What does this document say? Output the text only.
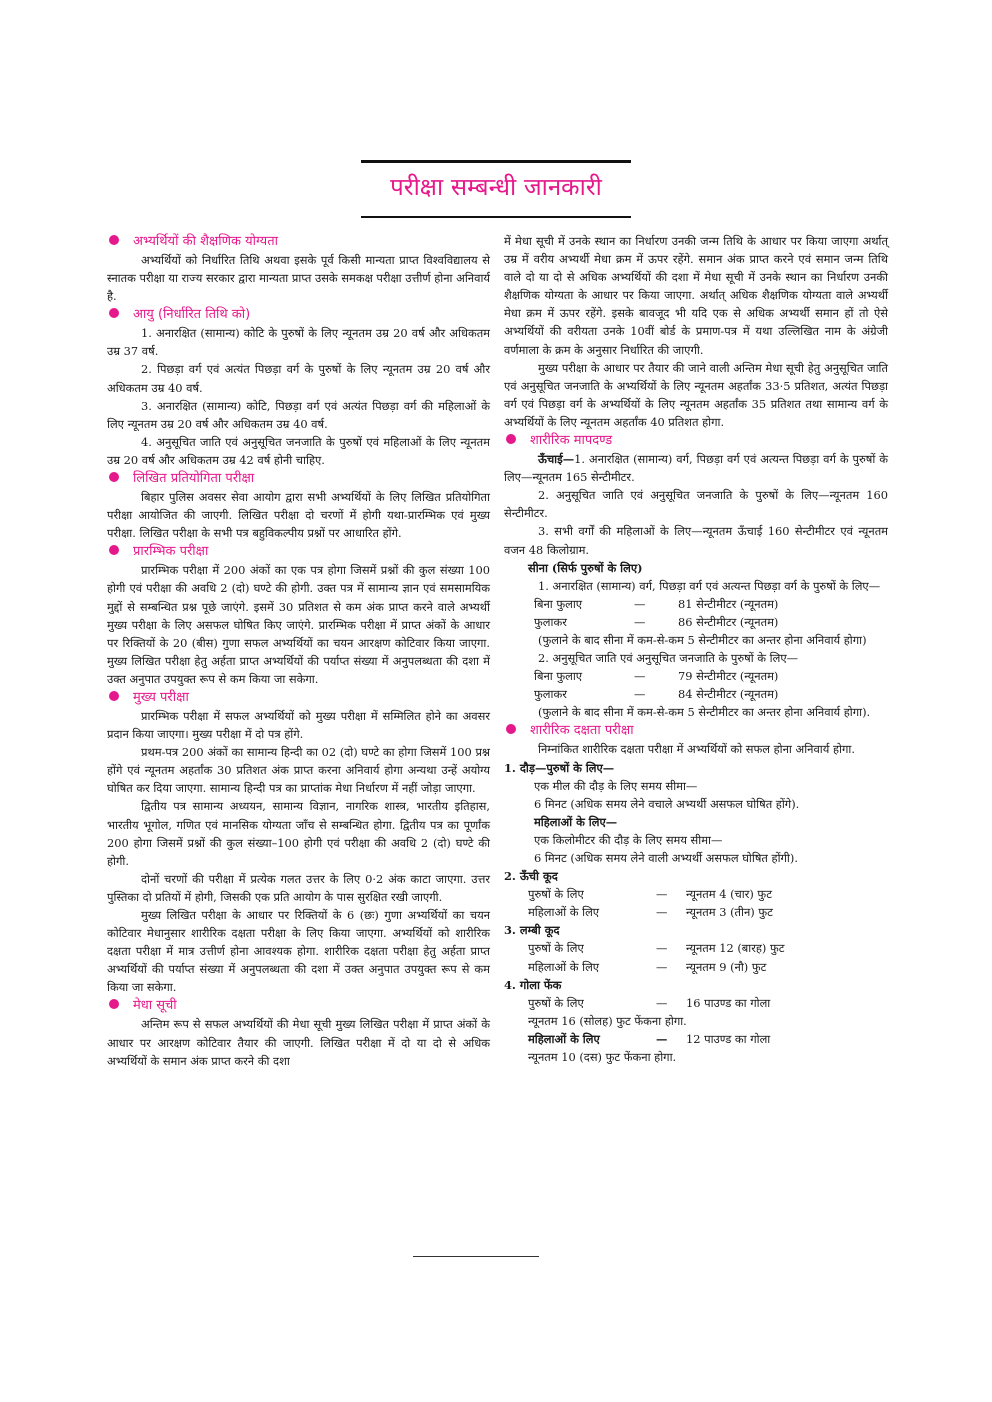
परीक्षा सम्बन्धी जानकारी

अभ्यर्थियों की शैक्षणिक योग्यता

अभ्यर्थियों को निर्धारित तिथि अथवा इसके पूर्व किसी मान्यता प्राप्त विश्वविद्यालय से स्नातक परीक्षा या राज्य सरकार द्वारा मान्यता प्राप्त उसके समकक्ष परीक्षा उत्तीर्ण होना अनिवार्य है.

आयु (निर्धारित तिथि को)

1. अनारक्षित (सामान्य) कोटि के पुरुषों के लिए न्यूनतम उम्र 20 वर्ष और अधिकतम उम्र 37 वर्ष.

2. पिछड़ा वर्ग एवं अत्यंत पिछड़ा वर्ग के पुरुषों के लिए न्यूनतम उम्र 20 वर्ष और अधिकतम उम्र 40 वर्ष.

3. अनारक्षित (सामान्य) कोटि, पिछड़ा वर्ग एवं अत्यंत पिछड़ा वर्ग की महिलाओं के लिए न्यूनतम उम्र 20 वर्ष और अधिकतम उम्र 40 वर्ष.

4. अनुसूचित जाति एवं अनुसूचित जनजाति के पुरुषों एवं महिलाओं के लिए न्यूनतम उम्र 20 वर्ष और अधिकतम उम्र 42 वर्ष होनी चाहिए.

लिखित प्रतियोगिता परीक्षा

बिहार पुलिस अवसर सेवा आयोग द्वारा सभी अभ्यर्थियों के लिए लिखित प्रतियोगिता परीक्षा आयोजित की जाएगी. लिखित परीक्षा दो चरणों में होगी यथा-प्रारम्भिक एवं मुख्य परीक्षा. लिखित परीक्षा के सभी पत्र बहुविकल्पीय प्रश्नों पर आधारित होंगे.

प्रारम्भिक परीक्षा

प्रारम्भिक परीक्षा में 200 अंकों का एक पत्र होगा जिसमें प्रश्नों की कुल संख्या 100 होगी एवं परीक्षा की अवधि 2 (दो) घण्टे की होगी. उक्त पत्र में सामान्य ज्ञान एवं समसामयिक मुद्दों से सम्बन्धित प्रश्न पूछे जाएंगे. इसमें 30 प्रतिशत से कम अंक प्राप्त करने वाले अभ्यर्थी मुख्य परीक्षा के लिए असफल घोषित किए जाएंगे. प्रारम्भिक परीक्षा में प्राप्त अंकों के आधार पर रिक्तियों के 20 (बीस) गुणा सफल अभ्यर्थियों का चयन आरक्षण कोटिवार किया जाएगा. मुख्य लिखित परीक्षा हेतु अर्हता प्राप्त अभ्यर्थियों की पर्याप्त संख्या में अनुपलब्धता की दशा में उक्त अनुपात उपयुक्त रूप से कम किया जा सकेगा.

मुख्य परीक्षा

प्रारम्भिक परीक्षा में सफल अभ्यर्थियों को मुख्य परीक्षा में सम्मिलित होने का अवसर प्रदान किया जाएगा। मुख्य परीक्षा में दो पत्र होंगे.

प्रथम-पत्र 200 अंकों का सामान्य हिन्दी का 02 (दो) घण्टे का होगा जिसमें 100 प्रश्न होंगे एवं न्यूनतम अहर्तांक 30 प्रतिशत अंक प्राप्त करना अनिवार्य होगा अन्यथा उन्हें अयोग्य घोषित कर दिया जाएगा. सामान्य हिन्दी पत्र का प्राप्तांक मेधा निर्धारण में नहीं जोड़ा जाएगा.

द्वितीय पत्र सामान्य अध्ययन, सामान्य विज्ञान, नागरिक शास्त्र, भारतीय इतिहास, भारतीय भूगोल, गणित एवं मानसिक योग्यता जाँच से सम्बन्धित होगा. द्वितीय पत्र का पूर्णांक 200 होगा जिसमें प्रश्नों की कुल संख्या–100 होगी एवं परीक्षा की अवधि 2 (दो) घण्टे की होगी.

दोनों चरणों की परीक्षा में प्रत्येक गलत उत्तर के लिए 0·2 अंक काटा जाएगा. उत्तर पुस्तिका दो प्रतियों में होगी, जिसकी एक प्रति आयोग के पास सुरक्षित रखी जाएगी.

मुख्य लिखित परीक्षा के आधार पर रिक्तियों के 6 (छः) गुणा अभ्यर्थियों का चयन कोटिवार मेधानुसार शारीरिक दक्षता परीक्षा के लिए किया जाएगा. अभ्यर्थियों को शारीरिक दक्षता परीक्षा में मात्र उत्तीर्ण होना आवश्यक होगा. शारीरिक दक्षता परीक्षा हेतु अर्हता प्राप्त अभ्यर्थियों की पर्याप्त संख्या में अनुपलब्धता की दशा में उक्त अनुपात उपयुक्त रूप से कम किया जा सकेगा.

मेधा सूची

अन्तिम रूप से सफल अभ्यर्थियों की मेधा सूची मुख्य लिखित परीक्षा में प्राप्त अंकों के आधार पर आरक्षण कोटिवार तैयार की जाएगी. लिखित परीक्षा में दो या दो से अधिक अभ्यर्थियों के समान अंक प्राप्त करने की दशा

में मेधा सूची में उनके स्थान का निर्धारण उनकी जन्म तिथि के आधार पर किया जाएगा अर्थात् उम्र में वरीय अभ्यर्थी मेधा क्रम में ऊपर रहेंगे. समान अंक प्राप्त करने एवं समान जन्म तिथि वाले दो या दो से अधिक अभ्यर्थियों की दशा में मेधा सूची में उनके स्थान का निर्धारण उनकी शैक्षणिक योग्यता के आधार पर किया जाएगा. अर्थात् अधिक शैक्षणिक योग्यता वाले अभ्यर्थी मेधा क्रम में ऊपर रहेंगे. इसके बावजूद भी यदि एक से अधिक अभ्यर्थी समान हों तो ऐसे अभ्यर्थियों की वरीयता उनके 10वीं बोर्ड के प्रमाण-पत्र में यथा उल्लिखित नाम के अंग्रेजी वर्णमाला के क्रम के अनुसार निर्धारित की जाएगी.

मुख्य परीक्षा के आधार पर तैयार की जाने वाली अन्तिम मेधा सूची हेतु अनुसूचित जाति एवं अनुसूचित जनजाति के अभ्यर्थियों के लिए न्यूनतम अहर्तांक 33·5 प्रतिशत, अत्यंत पिछड़ा वर्ग एवं पिछड़ा वर्ग के अभ्यर्थियों के लिए न्यूनतम अहर्तांक 35 प्रतिशत तथा सामान्य वर्ग के अभ्यर्थियों के लिए न्यूनतम अहर्तांक 40 प्रतिशत होगा.

शारीरिक मापदण्ड

ऊँचाई—1. अनारक्षित (सामान्य) वर्ग, पिछड़ा वर्ग एवं अत्यन्त पिछड़ा वर्ग के पुरुषों के लिए—न्यूनतम 165 सेन्टीमीटर.

2. अनुसूचित जाति एवं अनुसूचित जनजाति के पुरुषों के लिए—न्यूनतम 160 सेन्टीमीटर.

3. सभी वर्गों की महिलाओं के लिए—न्यूनतम ऊँचाई 160 सेन्टीमीटर एवं न्यूनतम वजन 48 किलोग्राम.

सीना (सिर्फ पुरुषों के लिए)

1. अनारक्षित (सामान्य) वर्ग, पिछड़ा वर्ग एवं अत्यन्त पिछड़ा वर्ग के पुरुषों के लिए—

बिना फुलाए	—	81 सेन्टीमीटर (न्यूनतम)
फुलाकर	—	86 सेन्टीमीटर (न्यूनतम)

(फुलाने के बाद सीना में कम-से-कम 5 सेन्टीमीटर का अन्तर होना अनिवार्य होगा)

2. अनुसूचित जाति एवं अनुसूचित जनजाति के पुरुषों के लिए—

बिना फुलाए	—	79 सेन्टीमीटर (न्यूनतम)
फुलाकर	—	84 सेन्टीमीटर (न्यूनतम)

(फुलाने के बाद सीना में कम-से-कम 5 सेन्टीमीटर का अन्तर होना अनिवार्य होगा).

शारीरिक दक्षता परीक्षा

निम्नांकित शारीरिक दक्षता परीक्षा में अभ्यर्थियों को सफल होना अनिवार्य होगा.

1. दौड़—पुरुषों के लिए—

एक मील की दौड़ के लिए समय सीमा—

6 मिनट (अधिक समय लेने वचाले अभ्यर्थी असफल घोषित होंगे).

महिलाओं के लिए—

एक किलोमीटर की दौड़ के लिए समय सीमा—

6 मिनट (अधिक समय लेने वाली अभ्यर्थी असफल घोषित होंगी).

2. ऊँची कूद

पुरुषों के लिए	—	न्यूनतम 4 (चार) फुट
महिलाओं के लिए	—	न्यूनतम 3 (तीन) फुट

3. लम्बी कूद

पुरुषों के लिए	—	न्यूनतम 12 (बारह) फुट
महिलाओं के लिए	—	न्यूनतम 9 (नौ) फुट

4. गोला फेंक

पुरुषों के लिए	—	16 पाउण्ड का गोला

न्यूनतम 16 (सोलह) फुट फेंकना होगा.

महिलाओं के लिए	—	12 पाउण्ड का गोला

न्यूनतम 10 (दस) फुट फेंकना होगा.
